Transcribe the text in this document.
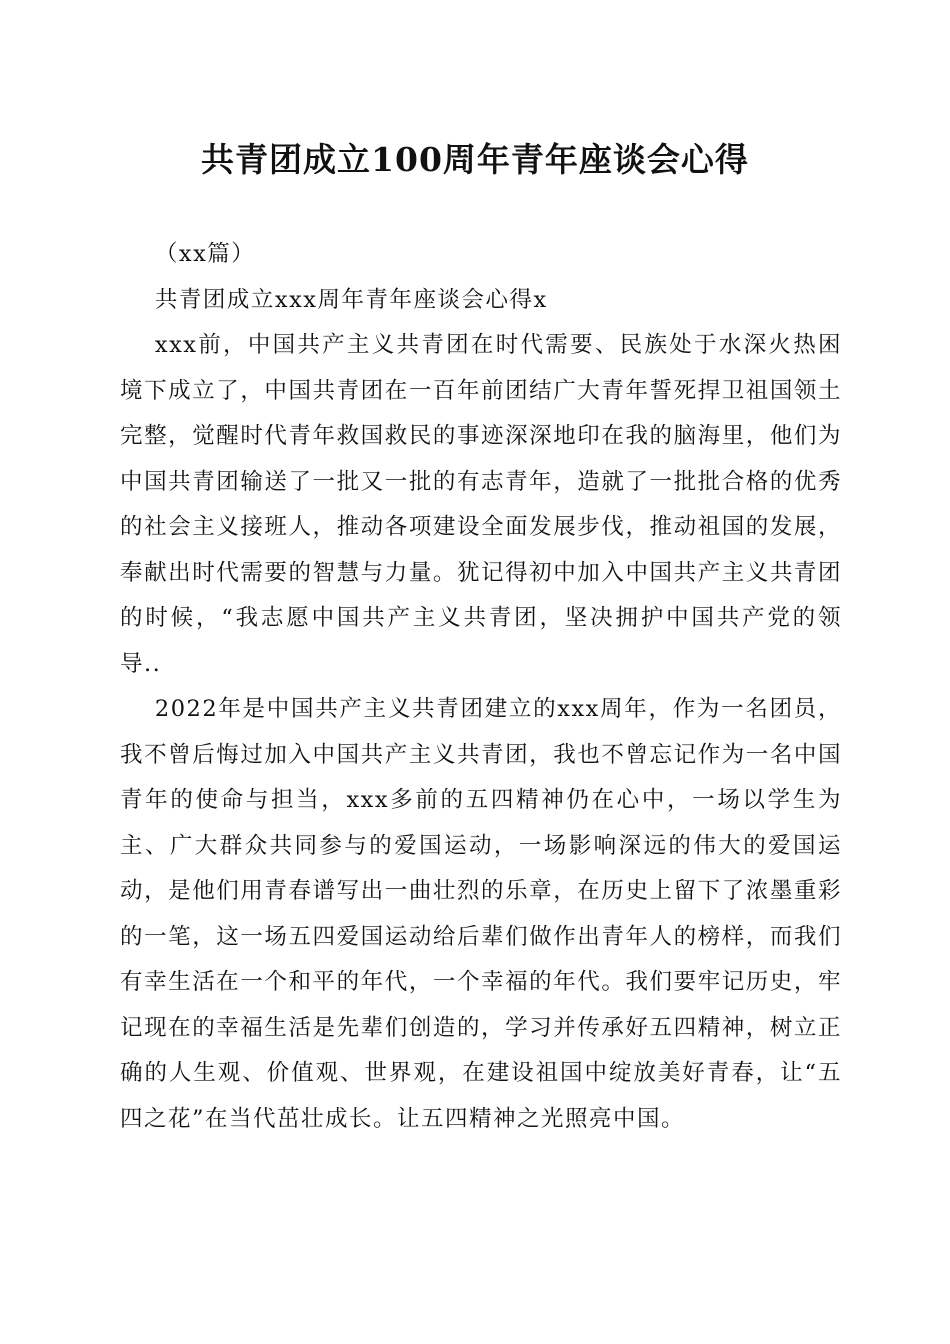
共青团成立100周年青年座谈会心得

（xx篇）

共青团成立xxx周年青年座谈会心得x

xxx前，中国共产主义共青团在时代需要、民族处于水深火热困境下成立了，中国共青团在一百年前团结广大青年誓死捍卫祖国领土完整，觉醒时代青年救国救民的事迹深深地印在我的脑海里，他们为中国共青团输送了一批又一批的有志青年，造就了一批批合格的优秀的社会主义接班人，推动各项建设全面发展步伐，推动祖国的发展，奉献出时代需要的智慧与力量。犹记得初中加入中国共产主义共青团的时候，“我志愿中国共产主义共青团，坚决拥护中国共产党的领导..

2022年是中国共产主义共青团建立的xxx周年，作为一名团员，我不曾后悔过加入中国共产主义共青团，我也不曾忘记作为一名中国青年的使命与担当，xxx多前的五四精神仍在心中，一场以学生为主、广大群众共同参与的爱国运动，一场影响深远的伟大的爱国运动，是他们用青春谱写出一曲壮烈的乐章，在历史上留下了浓墨重彩的一笔，这一场五四爱国运动给后辈们做作出青年人的榜样，而我们有幸生活在一个和平的年代，一个幸福的年代。我们要牢记历史，牢记现在的幸福生活是先辈们创造的，学习并传承好五四精神，树立正确的人生观、价值观、世界观，在建设祖国中绽放美好青春，让“五四之花”在当代茁壮成长。让五四精神之光照亮中国。
